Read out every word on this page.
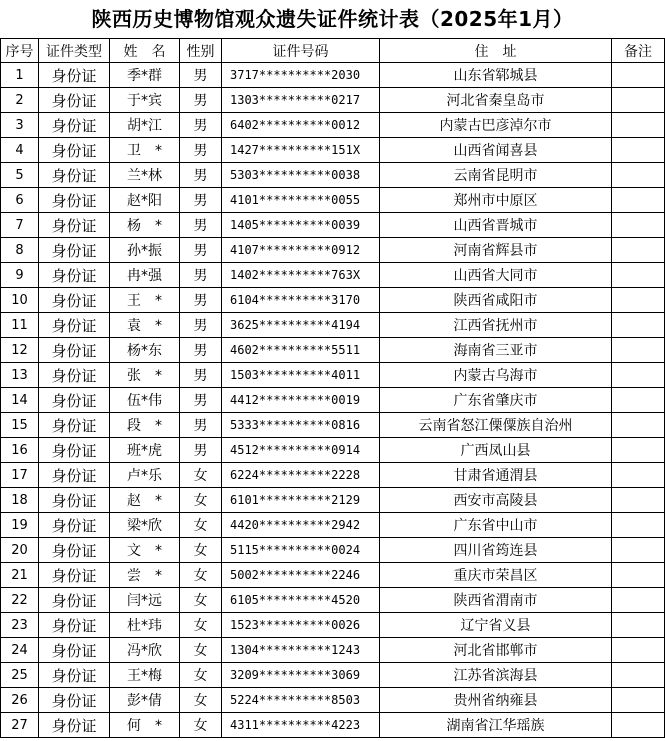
陕西历史博物馆观众遗失证件统计表（2025年1月）
序号	证件类型	姓　名	性别	证件号码	住　址	备注
1	身份证	季*群	男	3717**********2030	山东省郓城县	
2	身份证	于*宾	男	1303**********0217	河北省秦皇岛市	
3	身份证	胡*江	男	6402**********0012	内蒙古巴彦淖尔市	
4	身份证	卫　*	男	1427**********151X	山西省闻喜县	
5	身份证	兰*林	男	5303**********0038	云南省昆明市	
6	身份证	赵*阳	男	4101**********0055	郑州市中原区	
7	身份证	杨　*	男	1405**********0039	山西省晋城市	
8	身份证	孙*振	男	4107**********0912	河南省辉县市	
9	身份证	冉*强	男	1402**********763X	山西省大同市	
10	身份证	王　*	男	6104**********3170	陕西省咸阳市	
11	身份证	袁　*	男	3625**********4194	江西省抚州市	
12	身份证	杨*东	男	4602**********5511	海南省三亚市	
13	身份证	张　*	男	1503**********4011	内蒙古乌海市	
14	身份证	伍*伟	男	4412**********0019	广东省肇庆市	
15	身份证	段　*	男	5333**********0816	云南省怒江傈僳族自治州	
16	身份证	班*虎	男	4512**********0914	广西凤山县	
17	身份证	卢*乐	女	6224**********2228	甘肃省通渭县	
18	身份证	赵　*	女	6101**********2129	西安市高陵县	
19	身份证	梁*欣	女	4420**********2942	广东省中山市	
20	身份证	文　*	女	5115**********0024	四川省筠连县	
21	身份证	尝　*	女	5002**********2246	重庆市荣昌区	
22	身份证	闫*远	女	6105**********4520	陕西省渭南市	
23	身份证	杜*玮	女	1523**********0026	辽宁省义县	
24	身份证	冯*欣	女	1304**********1243	河北省邯郸市	
25	身份证	王*梅	女	3209**********3069	江苏省滨海县	
26	身份证	彭*倩	女	5224**********8503	贵州省纳雍县	
27	身份证	何　*	女	4311**********4223	湖南省江华瑶族	
